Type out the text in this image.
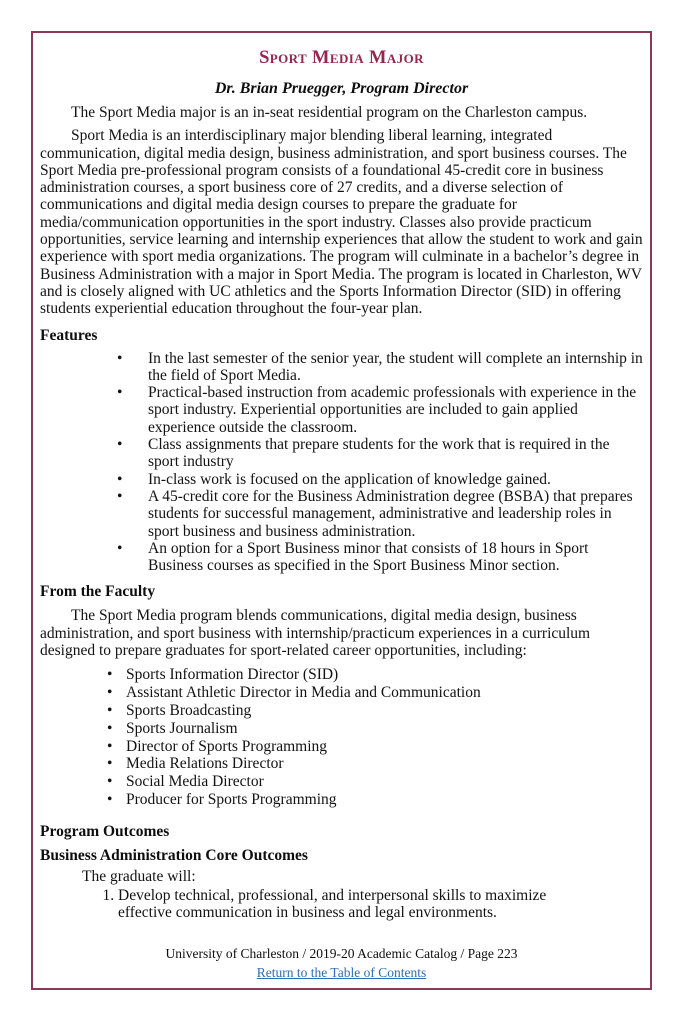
Sport Media Major
Dr. Brian Pruegger, Program Director

The Sport Media major is an in-seat residential program on the Charleston campus.

Sport Media is an interdisciplinary major blending liberal learning, integrated communication, digital media design, business administration, and sport business courses. The Sport Media pre-professional program consists of a foundational 45-credit core in business administration courses, a sport business core of 27 credits, and a diverse selection of communications and digital media design courses to prepare the graduate for media/communication opportunities in the sport industry. Classes also provide practicum opportunities, service learning and internship experiences that allow the student to work and gain experience with sport media organizations. The program will culminate in a bachelor’s degree in Business Administration with a major in Sport Media. The program is located in Charleston, WV and is closely aligned with UC athletics and the Sports Information Director (SID) in offering students experiential education throughout the four-year plan.

Features
• In the last semester of the senior year, the student will complete an internship in the field of Sport Media.
• Practical-based instruction from academic professionals with experience in the sport industry. Experiential opportunities are included to gain applied experience outside the classroom.
• Class assignments that prepare students for the work that is required in the sport industry
• In-class work is focused on the application of knowledge gained.
• A 45-credit core for the Business Administration degree (BSBA) that prepares students for successful management, administrative and leadership roles in sport business and business administration.
• An option for a Sport Business minor that consists of 18 hours in Sport Business courses as specified in the Sport Business Minor section.
From the Faculty

The Sport Media program blends communications, digital media design, business administration, and sport business with internship/practicum experiences in a curriculum designed to prepare graduates for sport-related career opportunities, including:

• Sports Information Director (SID)
• Assistant Athletic Director in Media and Communication
• Sports Broadcasting
• Sports Journalism
• Director of Sports Programming
• Media Relations Director
• Social Media Director
• Producer for Sports Programming
Program Outcomes
Business Administration Core Outcomes
The graduate will:
1. Develop technical, professional, and interpersonal skills to maximize effective communication in business and legal environments.
University of Charleston / 2019-20 Academic Catalog / Page 223
Return to the Table of Contents
